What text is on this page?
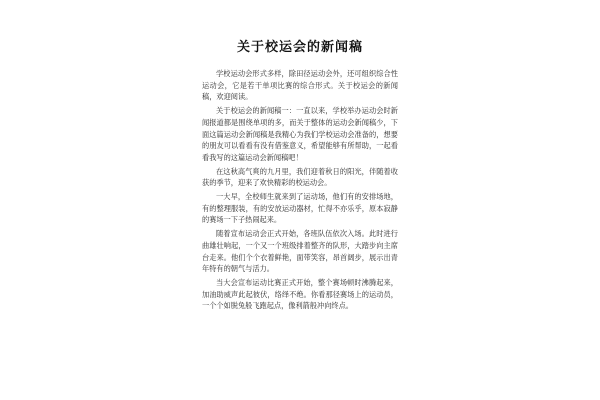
关于校运会的新闻稿

学校运动会形式多样，除田径运动会外，还可组织综合性运动会，它是若干单项比赛的综合形式。关于校运会的新闻稿，欢迎阅读。

关于校运会的新闻稿一：一直以来，学校举办运动会时新闻报道都是围绕单项的多，而关于整体的运动会新闻稿少，下面这篇运动会新闻稿是我精心为我们学校运动会准备的，想要的朋友可以看看有没有借鉴意义，希望能够有所帮助，一起看看我写的这篇运动会新闻稿吧！

在这秋高气爽的九月里，我们迎着秋日的阳光，伴随着收获的季节，迎来了欢快精彩的校运动会。

一大早，全校师生就来到了运动场，他们有的安排场地，有的整理服装，有的安放运动器材，忙得不亦乐乎，原本寂静的赛场一下子热闹起来。

随着宣布运动会正式开始，各班队伍依次入场。此时进行曲雄壮响起，一个又一个班级排着整齐的队形，大踏步向主席台走来。他们个个衣着鲜艳，面带笑容，昂首阔步，展示出青年特有的朝气与活力。

当大会宣布运动比赛正式开始，整个赛场顿时沸腾起来，加油助威声此起彼伏，络绎不绝。你看那径赛场上的运动员，一个个如脱兔般飞跑起点，像利箭般冲向终点。
